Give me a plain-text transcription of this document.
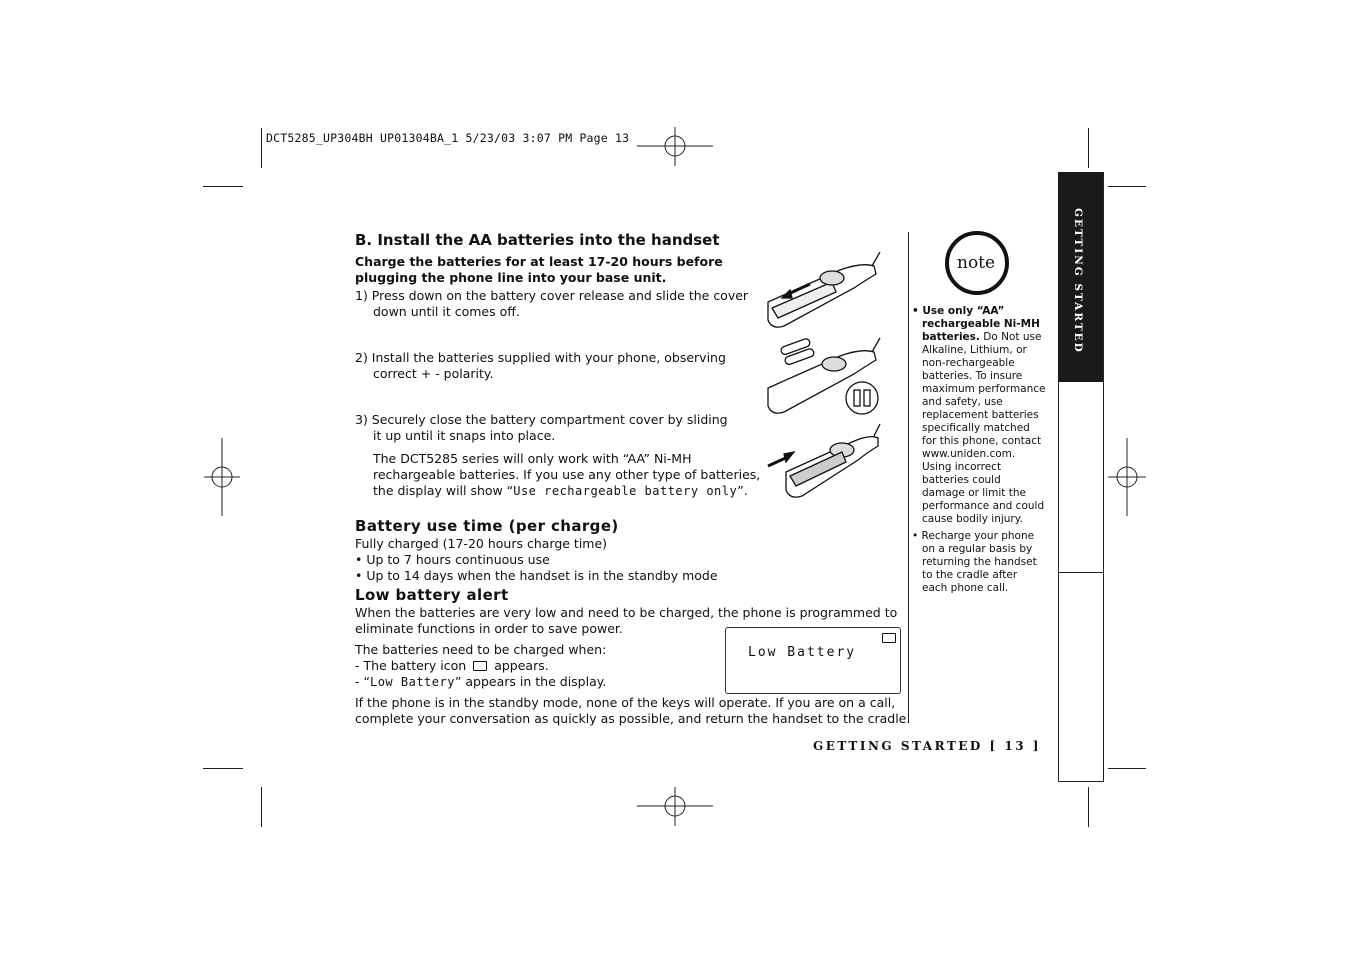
DCT5285_UP304BH UP01304BA_1 5/23/03 3:07 PM Page 13
GETTING STARTED
B. Install the AA batteries into the handset
Charge the batteries for at least 17-20 hours before
plugging the phone line into your base unit.
1) Press down on the battery cover release and slide the cover
down until it comes off.
2) Install the batteries supplied with your phone, observing
correct + - polarity.
3) Securely close the battery compartment cover by sliding
it up until it snaps into place.
The DCT5285 series will only work with “AA” Ni-MH
rechargeable batteries. If you use any other type of batteries,
the display will show “Use rechargeable battery only”.
Battery use time (per charge)
Fully charged (17-20 hours charge time)
• Up to 7 hours continuous use
• Up to 14 days when the handset is in the standby mode
Low battery alert
When the batteries are very low and need to be charged, the phone is programmed to
eliminate functions in order to save power.
The batteries need to be charged when:
- The battery icon appears.
- “Low Battery” appears in the display.
If the phone is in the standby mode, none of the keys will operate. If you are on a call,
complete your conversation as quickly as possible, and return the handset to the cradle.
Low Battery
note
• Use only “AA”
rechargeable Ni-MH
batteries. Do Not use
Alkaline, Lithium, or
non-rechargeable
batteries. To insure
maximum performance
and safety, use
replacement batteries
specifically matched
for this phone, contact
www.uniden.com.
Using incorrect
batteries could
damage or limit the
performance and could
cause bodily injury.
• Recharge your phone
on a regular basis by
returning the handset
to the cradle after
each phone call.
GETTING STARTED [ 13 ]
